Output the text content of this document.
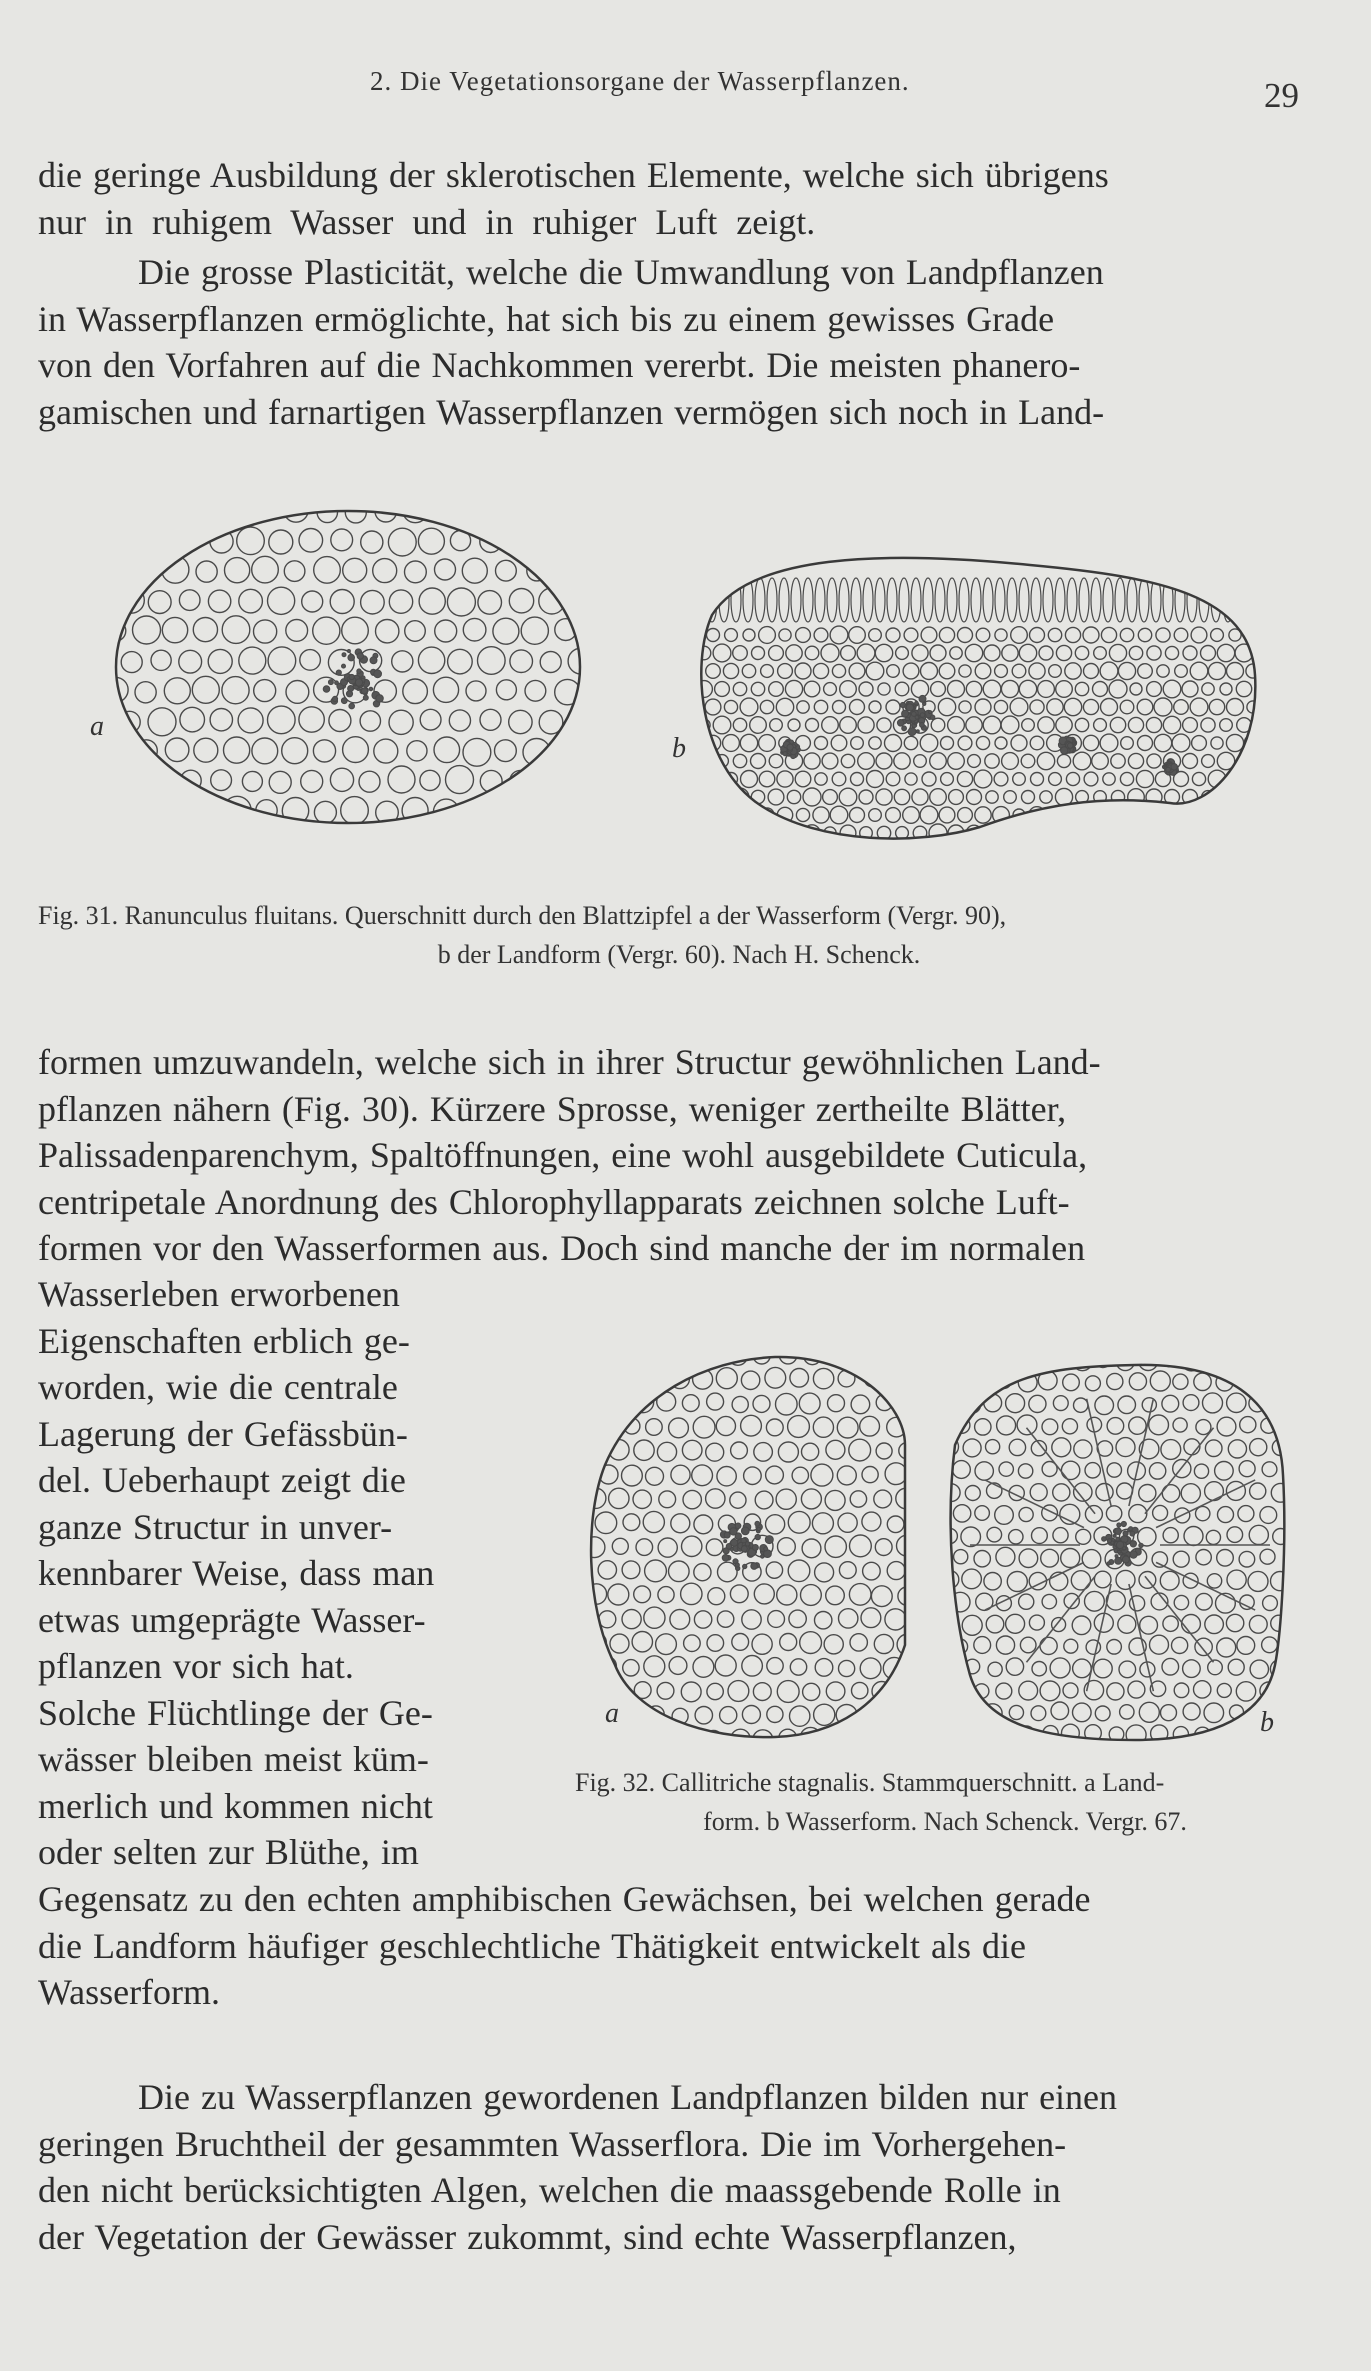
2. Die Vegetationsorgane der Wasserpflanzen.	29
die geringe Ausbildung der sklerotischen Elemente, welche sich übrigens
nur in ruhigem Wasser und in ruhiger Luft zeigt.
Die grosse Plasticität, welche die Umwandlung von Landpflanzen
in Wasserpflanzen ermöglichte, hat sich bis zu einem gewisses Grade
von den Vorfahren auf die Nachkommen vererbt. Die meisten phanero-
gamischen und farnartigen Wasserpflanzen vermögen sich noch in Land-
a
b
Fig. 31. Ranunculus fluitans. Querschnitt durch den Blattzipfel a der Wasserform (Vergr. 90),
b der Landform (Vergr. 60). Nach H. Schenck.
formen umzuwandeln, welche sich in ihrer Structur gewöhnlichen Land-
pflanzen nähern (Fig. 30). Kürzere Sprosse, weniger zertheilte Blätter,
Palissadenparenchym, Spaltöffnungen, eine wohl ausgebildete Cuticula,
centripetale Anordnung des Chlorophyllapparats zeichnen solche Luft-
formen vor den Wasserformen aus. Doch sind manche der im normalen
Wasserleben erworbenen
Eigenschaften erblich ge-
worden, wie die centrale
Lagerung der Gefässbün-
del. Ueberhaupt zeigt die
ganze Structur in unver-
kennbarer Weise, dass man
etwas umgeprägte Wasser-
pflanzen vor sich hat.
Solche Flüchtlinge der Ge-
wässer bleiben meist küm-
merlich und kommen nicht
oder selten zur Blüthe, im
Gegensatz zu den echten amphibischen Gewächsen, bei welchen gerade
die Landform häufiger geschlechtliche Thätigkeit entwickelt als die
Wasserform.
a	b
Fig. 32. Callitriche stagnalis. Stammquerschnitt. a Land-
form. b Wasserform. Nach Schenck. Vergr. 67.
Die zu Wasserpflanzen gewordenen Landpflanzen bilden nur einen
geringen Bruchtheil der gesammten Wasserflora. Die im Vorhergehen-
den nicht berücksichtigten Algen, welchen die maassgebende Rolle in
der Vegetation der Gewässer zukommt, sind echte Wasserpflanzen,
